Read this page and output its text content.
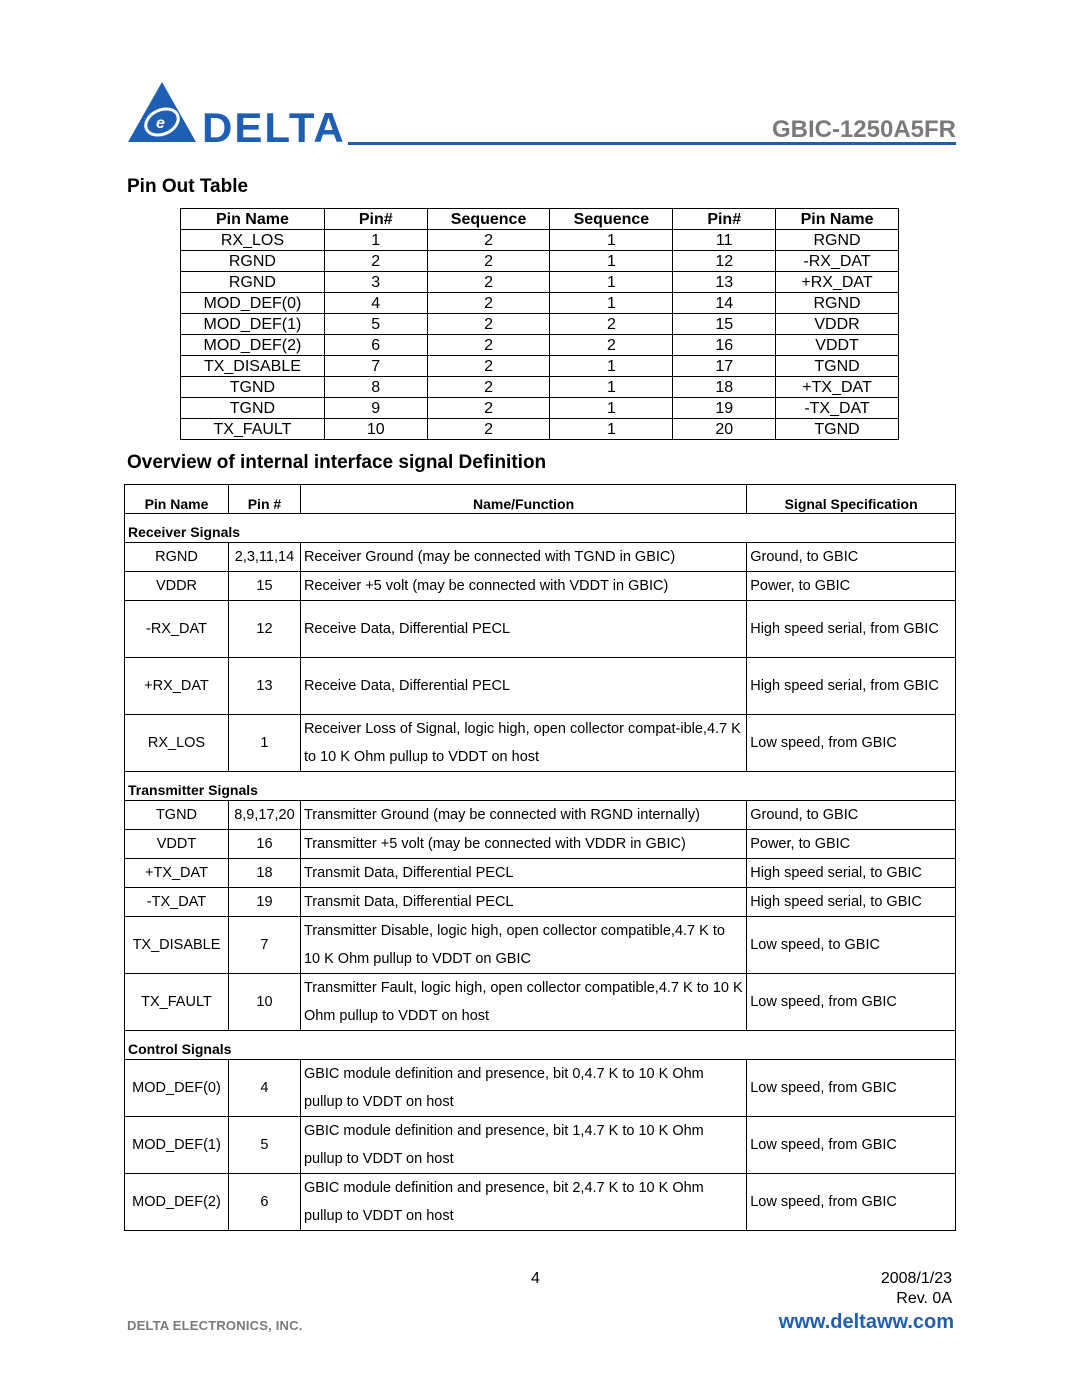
e DELTA	GBIC-1250A5FR
Pin Out Table
Pin Name	Pin#	Sequence	Sequence	Pin#	Pin Name
RX_LOS	1	2	1	11	RGND
RGND	2	2	1	12	-RX_DAT
RGND	3	2	1	13	+RX_DAT
MOD_DEF(0)	4	2	1	14	RGND
MOD_DEF(1)	5	2	2	15	VDDR
MOD_DEF(2)	6	2	2	16	VDDT
TX_DISABLE	7	2	1	17	TGND
TGND	8	2	1	18	+TX_DAT
TGND	9	2	1	19	-TX_DAT
TX_FAULT	10	2	1	20	TGND
Overview of internal interface signal Definition
Pin Name	Pin #	Name/Function	Signal Specification
Receiver Signals			
RGND	2,3,11,14	Receiver Ground (may be connected with TGND in GBIC)	Ground, to GBIC
VDDR	15	Receiver +5 volt (may be connected with VDDT in GBIC)	Power, to GBIC
-RX_DAT	12	Receive Data, Differential PECL	High speed serial, from GBIC
+RX_DAT	13	Receive Data, Differential PECL	High speed serial, from GBIC
RX_LOS	1	Receiver Loss of Signal, logic high, open collector compat-ible,4.7 K to 10 K Ohm pullup to VDDT on host	Low speed, from GBIC
Transmitter Signals			
TGND	8,9,17,20	Transmitter Ground (may be connected with RGND internally)	Ground, to GBIC
VDDT	16	Transmitter +5 volt (may be connected with VDDR in GBIC)	Power, to GBIC
+TX_DAT	18	Transmit Data, Differential PECL	High speed serial, to GBIC
-TX_DAT	19	Transmit Data, Differential PECL	High speed serial, to GBIC
TX_DISABLE	7	Transmitter Disable, logic high, open collector compatible,4.7 K to 10 K Ohm pullup to VDDT on GBIC	Low speed, to GBIC
TX_FAULT	10	Transmitter Fault, logic high, open collector compatible,4.7 K to 10 K Ohm pullup to VDDT on host	Low speed, from GBIC
Control Signals			
MOD_DEF(0)	4	GBIC module definition and presence, bit 0,4.7 K to 10 K Ohm pullup to VDDT on host	Low speed, from GBIC
MOD_DEF(1)	5	GBIC module definition and presence, bit 1,4.7 K to 10 K Ohm pullup to VDDT on host	Low speed, from GBIC
MOD_DEF(2)	6	GBIC module definition and presence, bit 2,4.7 K to 10 K Ohm pullup to VDDT on host	Low speed, from GBIC
4	2008/1/23
Rev. 0A
DELTA ELECTRONICS, INC.	www.deltaww.com
